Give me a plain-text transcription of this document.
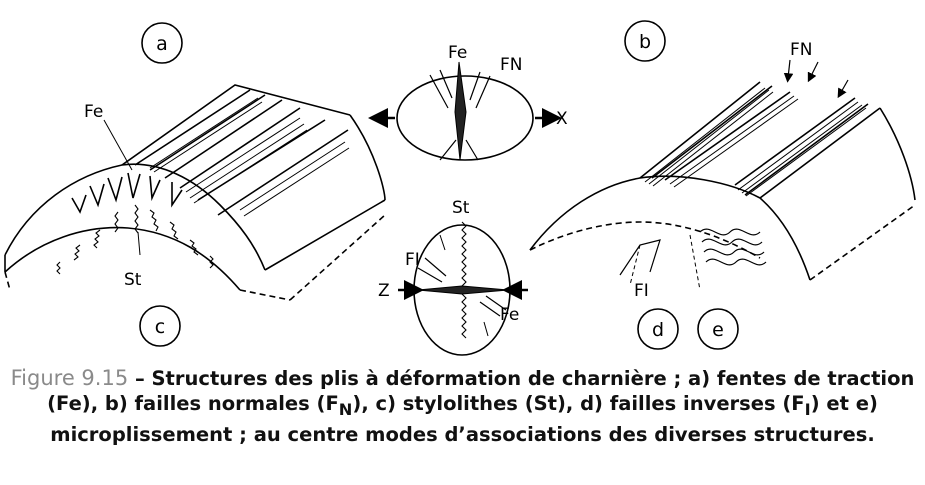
a	b
c	d	e
Fe
St
FN
FI
Fe
FN
X
St
FI
Z
Fe
Figure 9.15 – Structures des plis à déformation de charnière ; a) fentes de traction (Fe), b) failles normales $(F_N)$, c) stylolithes (St), d) failles inverses $(F_I)$ et e) microplissement ; au centre modes d’associations des diverses structures.
